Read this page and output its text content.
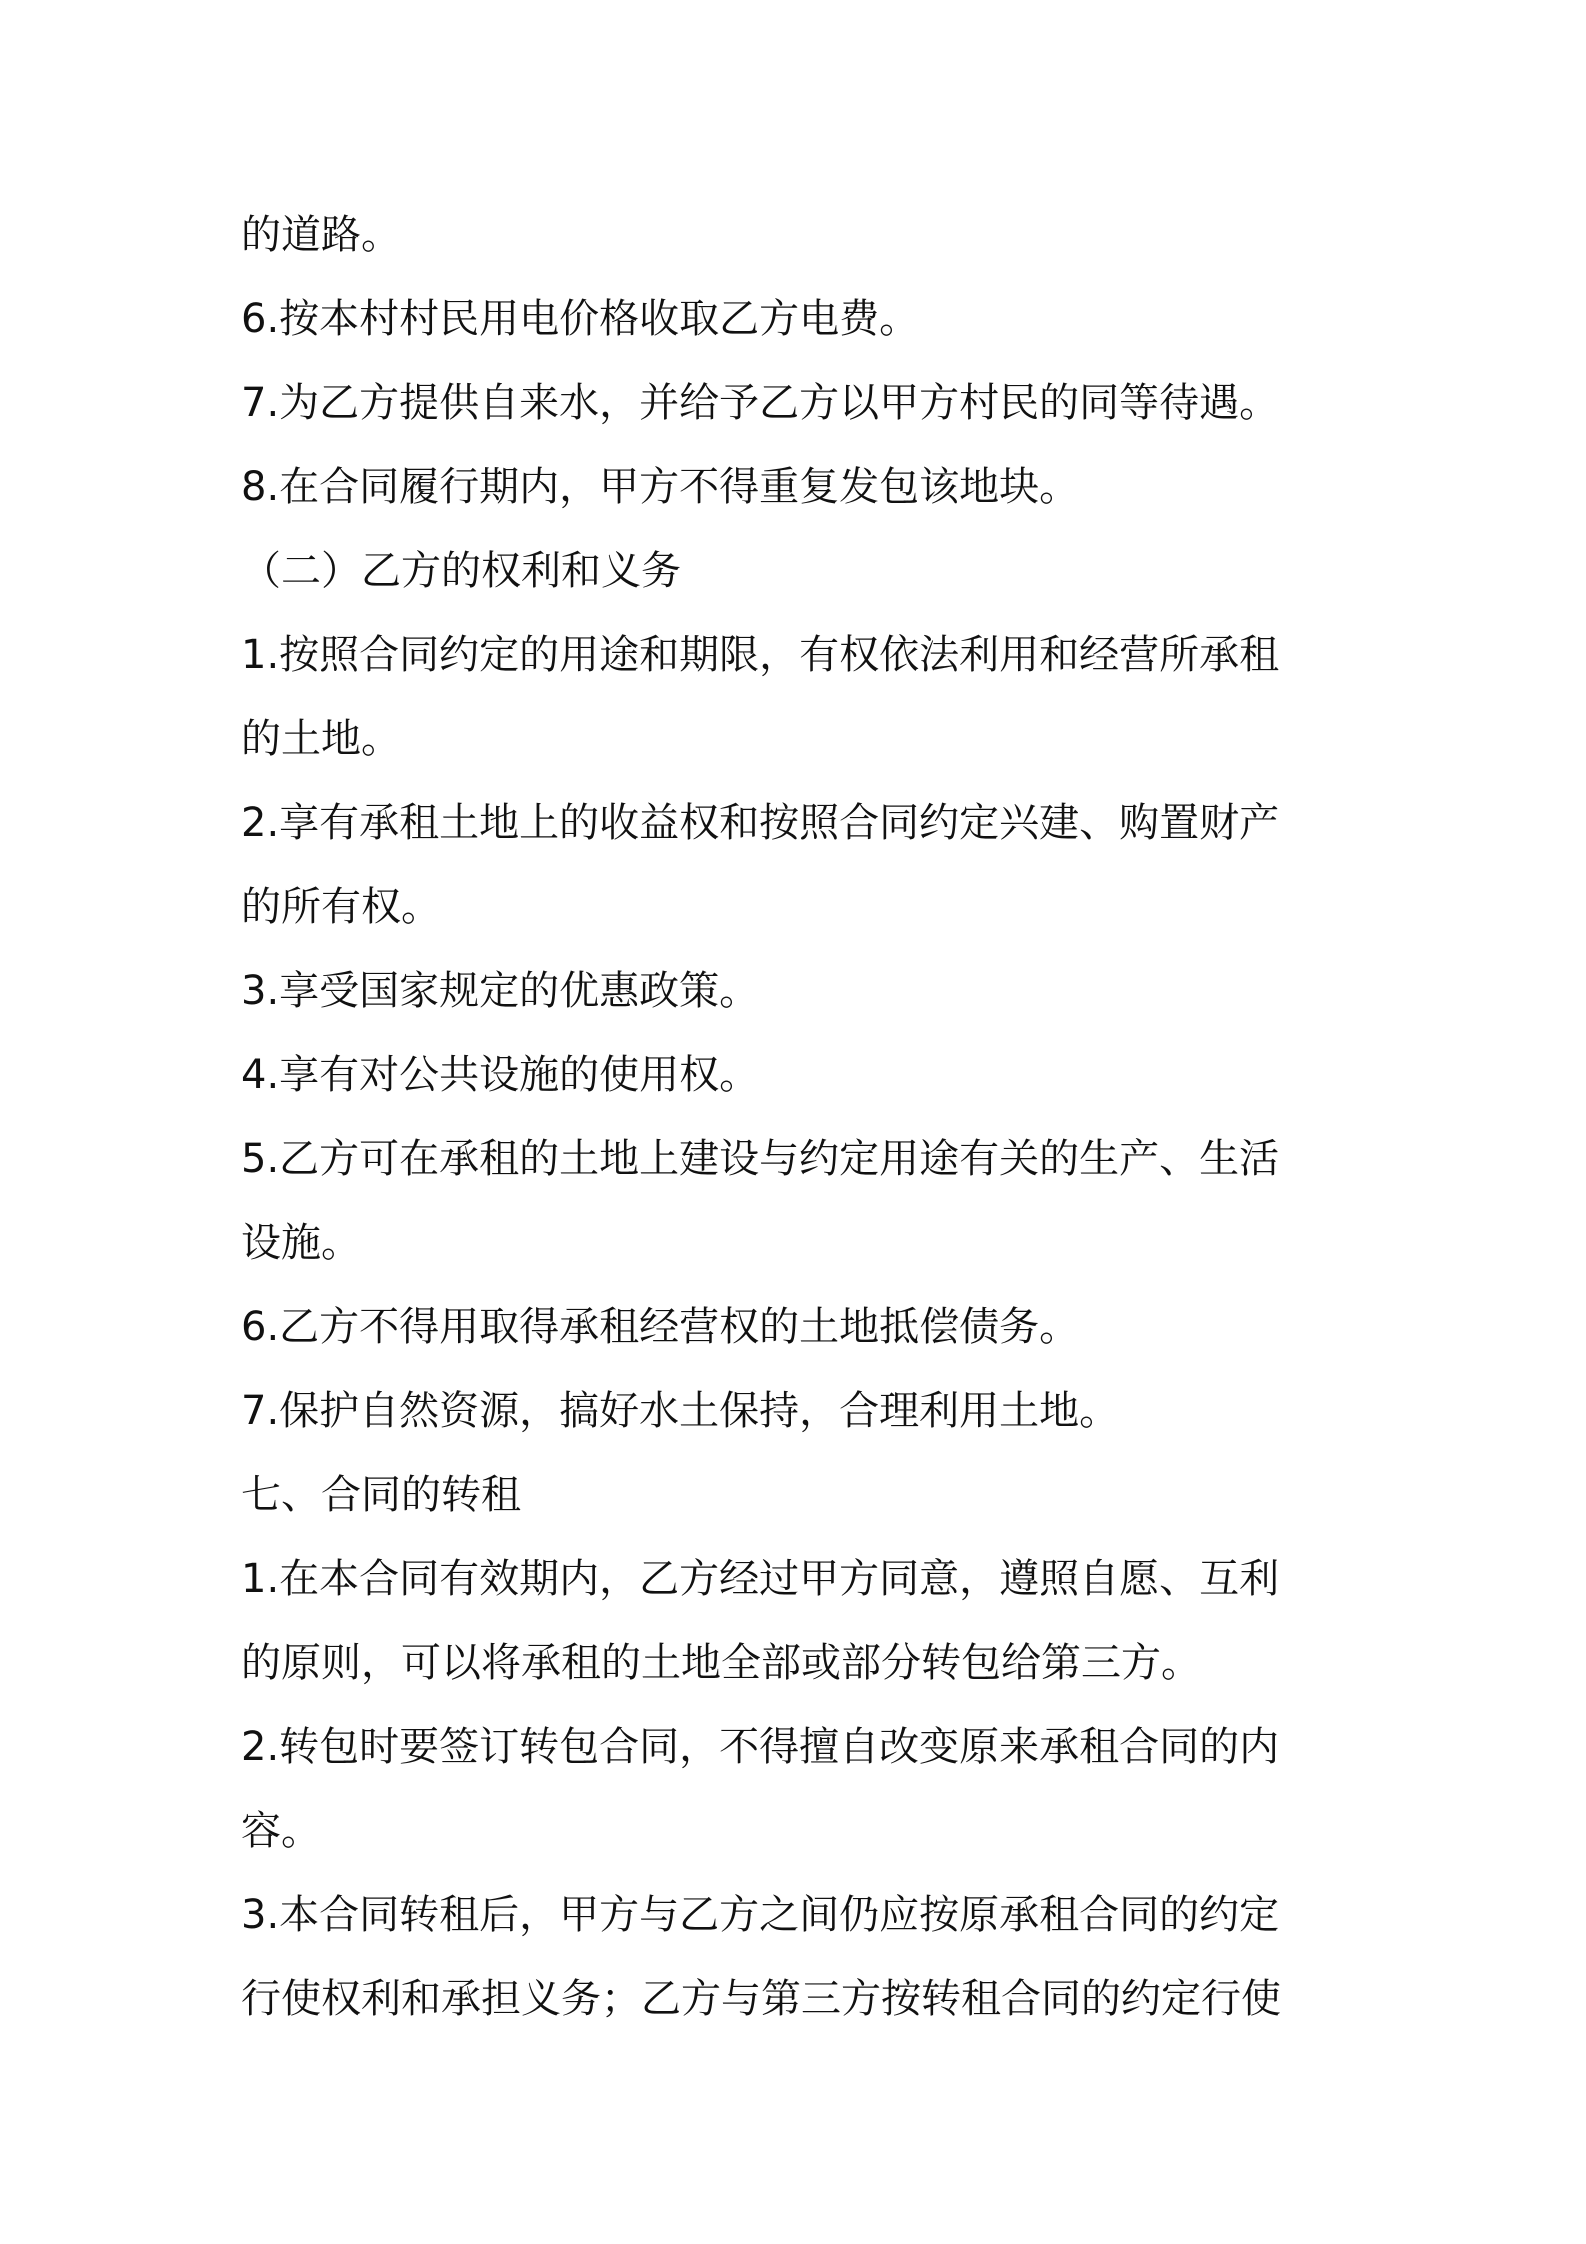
的道路。
6.按本村村民用电价格收取乙方电费。
7.为乙方提供自来水，并给予乙方以甲方村民的同等待遇。
8.在合同履行期内，甲方不得重复发包该地块。
（二）乙方的权利和义务
1.按照合同约定的用途和期限，有权依法利用和经营所承租
的土地。
2.享有承租土地上的收益权和按照合同约定兴建、购置财产
的所有权。
3.享受国家规定的优惠政策。
4.享有对公共设施的使用权。
5.乙方可在承租的土地上建设与约定用途有关的生产、生活
设施。
6.乙方不得用取得承租经营权的土地抵偿债务。
7.保护自然资源，搞好水土保持，合理利用土地。
七、合同的转租
1.在本合同有效期内，乙方经过甲方同意，遵照自愿、互利
的原则，可以将承租的土地全部或部分转包给第三方。
2.转包时要签订转包合同，不得擅自改变原来承租合同的内
容。
3.本合同转租后，甲方与乙方之间仍应按原承租合同的约定
行使权利和承担义务；乙方与第三方按转租合同的约定行使
